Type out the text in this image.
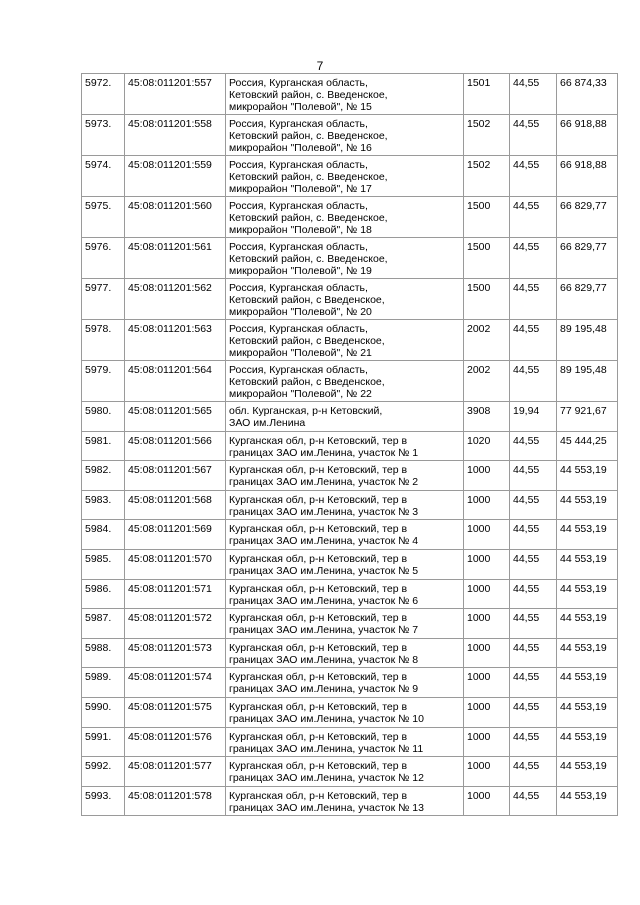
7
5972.	45:08:011201:557	Россия, Курганская область,
Кетовский район, с. Введенское,
микрорайон "Полевой", № 15	1501	44,55	66 874,33
5973.	45:08:011201:558	Россия, Курганская область,
Кетовский район, с. Введенское,
микрорайон "Полевой", № 16	1502	44,55	66 918,88
5974.	45:08:011201:559	Россия, Курганская область,
Кетовский район, с. Введенское,
микрорайон "Полевой", № 17	1502	44,55	66 918,88
5975.	45:08:011201:560	Россия, Курганская область,
Кетовский район, с. Введенское,
микрорайон "Полевой", № 18	1500	44,55	66 829,77
5976.	45:08:011201:561	Россия, Курганская область,
Кетовский район, с. Введенское,
микрорайон "Полевой", № 19	1500	44,55	66 829,77
5977.	45:08:011201:562	Россия, Курганская область,
Кетовский район, с Введенское,
микрорайон "Полевой", № 20	1500	44,55	66 829,77
5978.	45:08:011201:563	Россия, Курганская область,
Кетовский район, с Введенское,
микрорайон "Полевой", № 21	2002	44,55	89 195,48
5979.	45:08:011201:564	Россия, Курганская область,
Кетовский район, с Введенское,
микрорайон "Полевой", № 22	2002	44,55	89 195,48
5980.	45:08:011201:565	обл. Курганская, р-н Кетовский,
ЗАО им.Ленина	3908	19,94	77 921,67
5981.	45:08:011201:566	Курганская обл, р-н Кетовский, тер в
границах ЗАО им.Ленина, участок № 1	1020	44,55	45 444,25
5982.	45:08:011201:567	Курганская обл, р-н Кетовский, тер в
границах ЗАО им.Ленина, участок № 2	1000	44,55	44 553,19
5983.	45:08:011201:568	Курганская обл, р-н Кетовский, тер в
границах ЗАО им.Ленина, участок № 3	1000	44,55	44 553,19
5984.	45:08:011201:569	Курганская обл, р-н Кетовский, тер в
границах ЗАО им.Ленина, участок № 4	1000	44,55	44 553,19
5985.	45:08:011201:570	Курганская обл, р-н Кетовский, тер в
границах ЗАО им.Ленина, участок № 5	1000	44,55	44 553,19
5986.	45:08:011201:571	Курганская обл, р-н Кетовский, тер в
границах ЗАО им.Ленина, участок № 6	1000	44,55	44 553,19
5987.	45:08:011201:572	Курганская обл, р-н Кетовский, тер в
границах ЗАО им.Ленина, участок № 7	1000	44,55	44 553,19
5988.	45:08:011201:573	Курганская обл, р-н Кетовский, тер в
границах ЗАО им.Ленина, участок № 8	1000	44,55	44 553,19
5989.	45:08:011201:574	Курганская обл, р-н Кетовский, тер в
границах ЗАО им.Ленина, участок № 9	1000	44,55	44 553,19
5990.	45:08:011201:575	Курганская обл, р-н Кетовский, тер в
границах ЗАО им.Ленина, участок № 10	1000	44,55	44 553,19
5991.	45:08:011201:576	Курганская обл, р-н Кетовский, тер в
границах ЗАО им.Ленина, участок № 11	1000	44,55	44 553,19
5992.	45:08:011201:577	Курганская обл, р-н Кетовский, тер в
границах ЗАО им.Ленина, участок № 12	1000	44,55	44 553,19
5993.	45:08:011201:578	Курганская обл, р-н Кетовский, тер в
границах ЗАО им.Ленина, участок № 13	1000	44,55	44 553,19
